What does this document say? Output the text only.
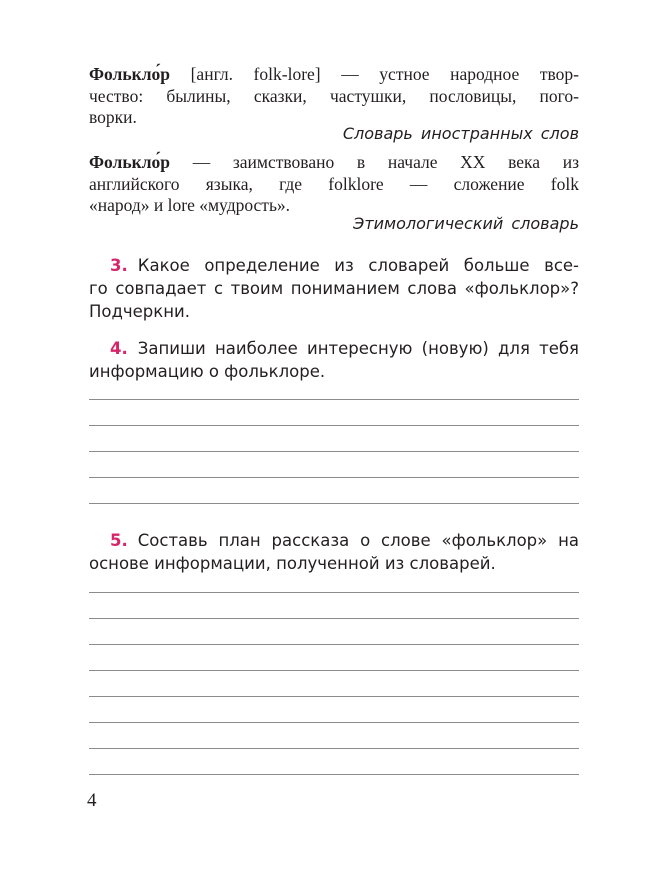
Фолькло́р [англ. folk-lore] — устное народное твор-
чество: былины, сказки, частушки, пословицы, пого-
ворки.
Словарь иностранных слов
Фолькло́р — заимствовано в начале XX века из
английского языка, где folklore — сложение folk
«народ» и lore «мудрость».
Этимологический словарь
3. Какое определение из словарей больше все-
го совпадает с твоим пониманием слова «фольклор»?
Подчеркни.
4. Запиши наиболее интересную (новую) для тебя
информацию о фольклоре.
5. Составь план рассказа о слове «фольклор» на
основе информации, полученной из словарей.
4
